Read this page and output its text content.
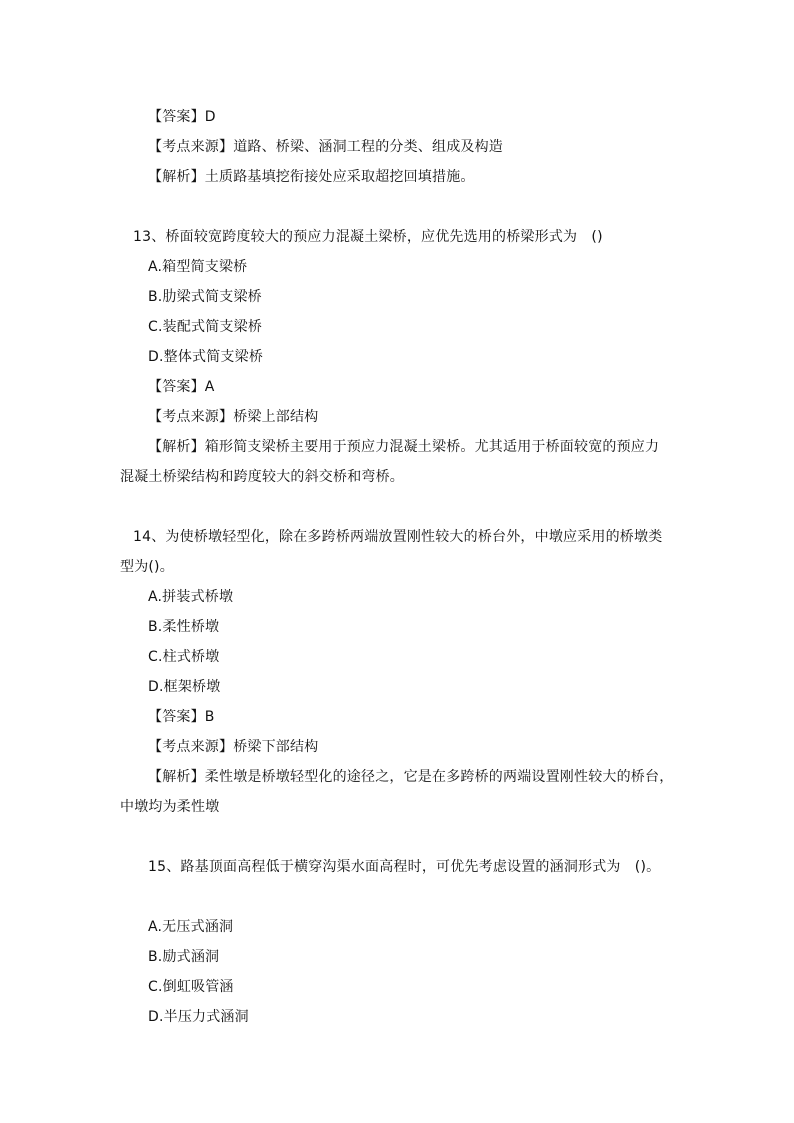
【答案】D
【考点来源】道路、桥梁、涵洞工程的分类、组成及构造
【解析】土质路基填挖衔接处应采取超挖回填措施。
13、桥面较宽跨度较大的预应力混凝土梁桥，应优先选用的桥梁形式为　()
A.箱型简支梁桥
B.肋梁式简支梁桥
C.装配式简支梁桥
D.整体式简支梁桥
【答案】A
【考点来源】桥梁上部结构
【解析】箱形简支梁桥主要用于预应力混凝土梁桥。尤其适用于桥面较宽的预应力
混凝土桥梁结构和跨度较大的斜交桥和弯桥。
14、为使桥墩轻型化，除在多跨桥两端放置刚性较大的桥台外，中墩应采用的桥墩类
型为()。
A.拼装式桥墩
B.柔性桥墩
C.柱式桥墩
D.框架桥墩
【答案】B
【考点来源】桥梁下部结构
【解析】柔性墩是桥墩轻型化的途径之，它是在多跨桥的两端设置刚性较大的桥台，
中墩均为柔性墩
15、路基顶面高程低于横穿沟渠水面高程时，可优先考虑设置的涵洞形式为　()。
A.无压式涵洞
B.励式涵洞
C.倒虹吸管涵
D.半压力式涵洞
